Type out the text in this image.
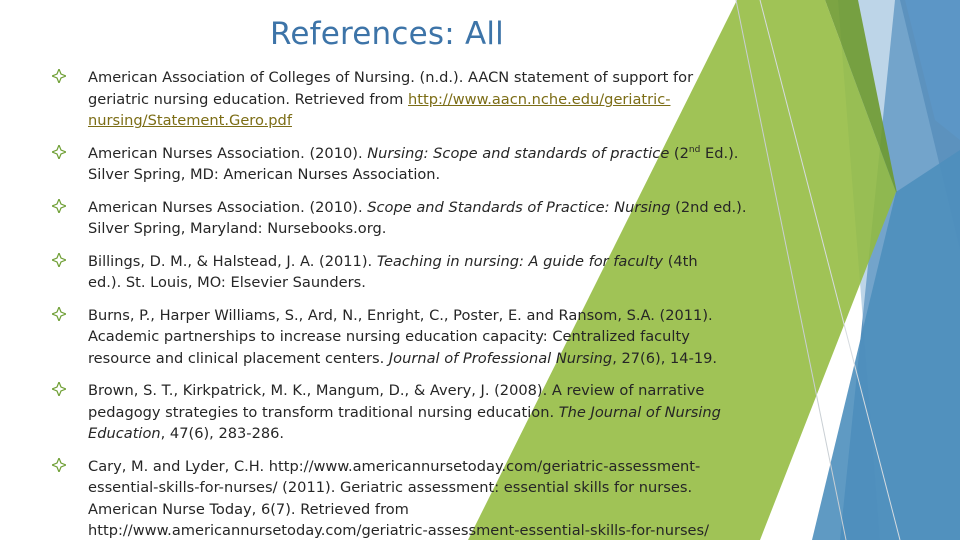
References: All
American Association of Colleges of Nursing. (n.d.). AACN statement of support for
geriatric nursing education. Retrieved from http://www.aacn.nche.edu/geriatric-
nursing/Statement.Gero.pdf
American Nurses Association. (2010). Nursing: Scope and standards of practice (2nd Ed.).
Silver Spring, MD: American Nurses Association.
American Nurses Association. (2010). Scope and Standards of Practice: Nursing (2nd ed.).
Silver Spring, Maryland: Nursebooks.org.
Billings, D. M., & Halstead, J. A. (2011). Teaching in nursing: A guide for faculty (4th
ed.). St. Louis, MO: Elsevier Saunders.
Burns, P., Harper Williams, S., Ard, N., Enright, C., Poster, E. and Ransom, S.A. (2011).
Academic partnerships to increase nursing education capacity: Centralized faculty
resource and clinical placement centers. Journal of Professional Nursing, 27(6), 14-19.
Brown, S. T., Kirkpatrick, M. K., Mangum, D., & Avery, J. (2008). A review of narrative
pedagogy strategies to transform traditional nursing education. The Journal of Nursing
Education, 47(6), 283-286.
Cary, M. and Lyder, C.H. http://www.americannursetoday.com/geriatric-assessment-
essential-skills-for-nurses/ (2011). Geriatric assessment: essential skills for nurses.
American Nurse Today, 6(7). Retrieved from
http://www.americannursetoday.com/geriatric-assessment-essential-skills-for-nurses/
